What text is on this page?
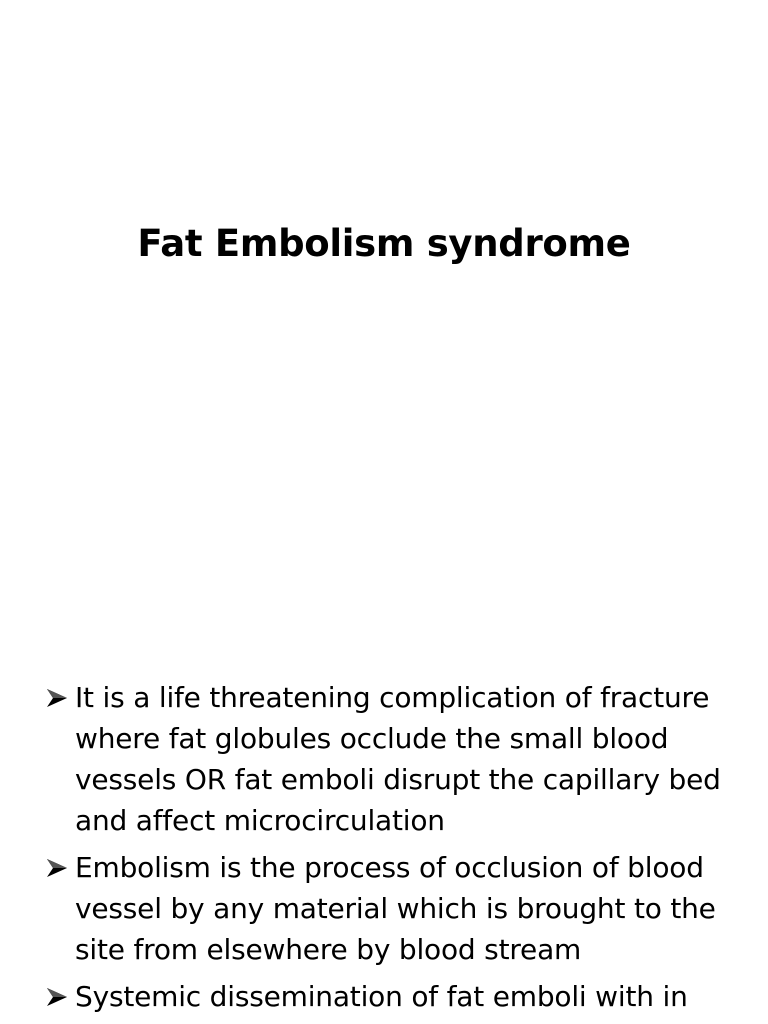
Fat Embolism syndrome
It is a life threatening complication of fracture where fat globules occlude the small blood vessels OR fat emboli disrupt the capillary bed and affect microcirculation
Embolism is the process of occlusion of blood vessel by any material which is brought to the site from elsewhere by blood stream
Systemic dissemination of fat emboli with in
